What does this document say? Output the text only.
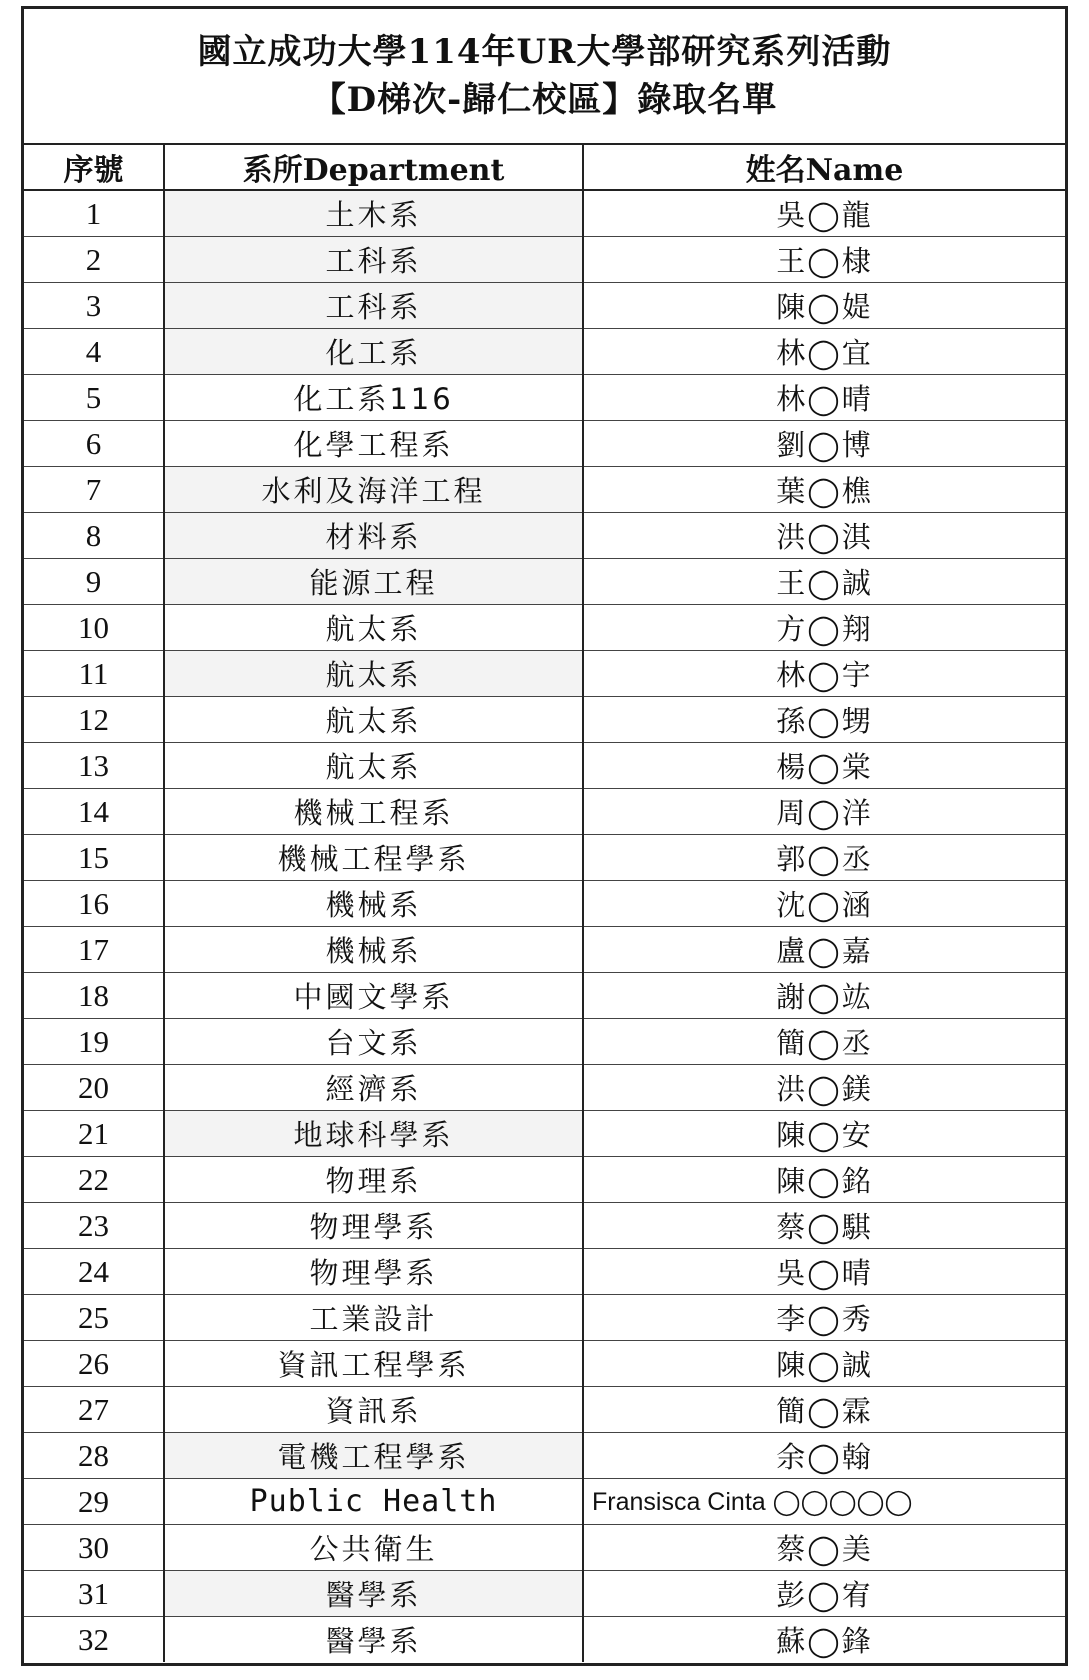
國立成功大學114年UR大學部研究系列活動
【D梯次-歸仁校區】錄取名單
序號	系所Department	姓名Name
1	土木系	吳◯龍
2	工科系	王◯棣
3	工科系	陳◯媞
4	化工系	林◯宜
5	化工系116	林◯晴
6	化學工程系	劉◯博
7	水利及海洋工程	葉◯樵
8	材料系	洪◯淇
9	能源工程	王◯誠
10	航太系	方◯翔
11	航太系	林◯宇
12	航太系	孫◯甥
13	航太系	楊◯棠
14	機械工程系	周◯洋
15	機械工程學系	郭◯丞
16	機械系	沈◯涵
17	機械系	盧◯嘉
18	中國文學系	謝◯竑
19	台文系	簡◯丞
20	經濟系	洪◯鎂
21	地球科學系	陳◯安
22	物理系	陳◯銘
23	物理學系	蔡◯騏
24	物理學系	吳◯晴
25	工業設計	李◯秀
26	資訊工程學系	陳◯誠
27	資訊系	簡◯霖
28	電機工程學系	余◯翰
29	Public Health	Fransisca Cinta ◯◯◯◯◯
30	公共衛生	蔡◯美
31	醫學系	彭◯宥
32	醫學系	蘇◯鋒
